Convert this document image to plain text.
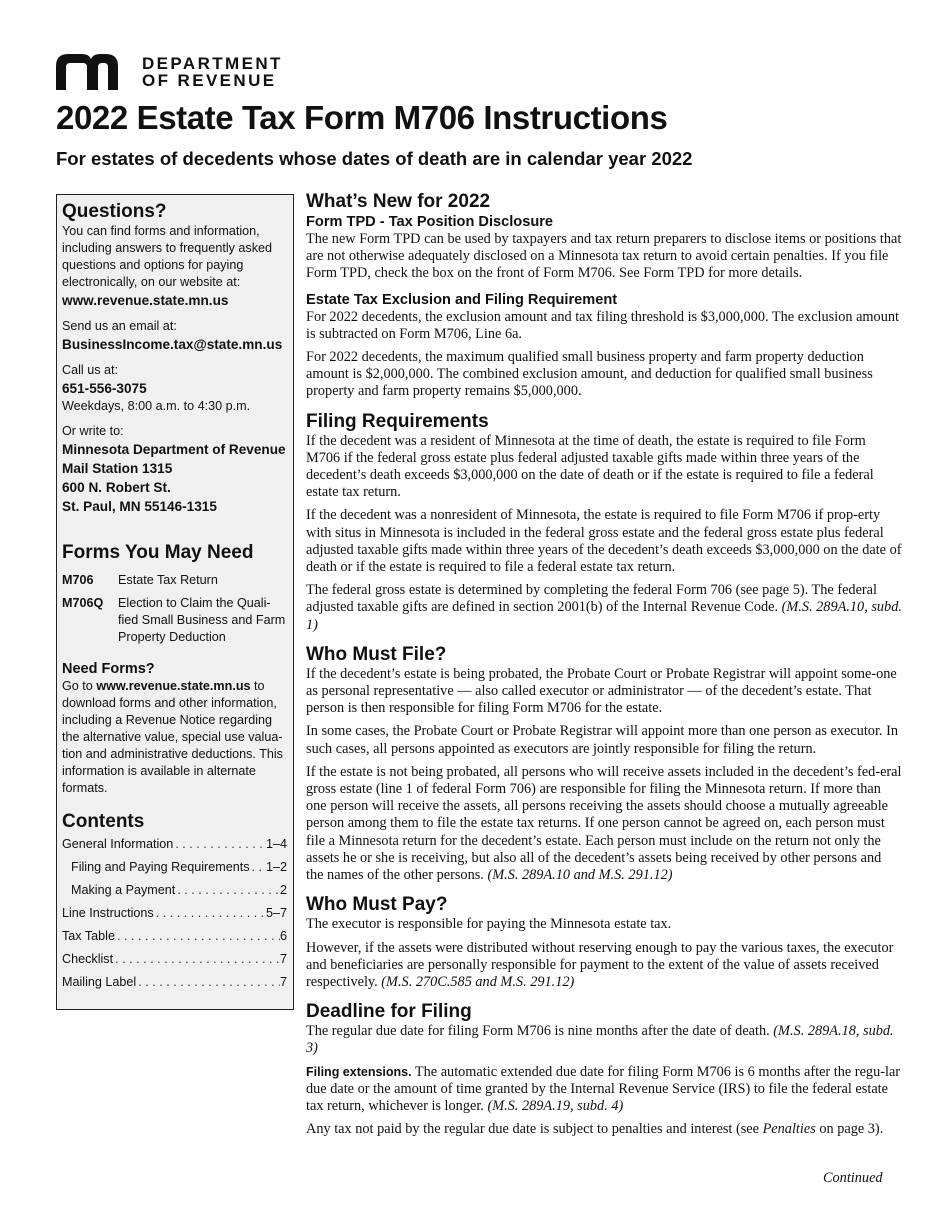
DEPARTMENT
OF REVENUE
2022 Estate Tax Form M706 Instructions
For estates of decedents whose dates of death are in calendar year 2022

Questions?

You can find forms and information, including answers to frequently asked questions and options for paying electronically, on our website at:

www.revenue.state.mn.us

Send us an email at:

BusinessIncome.tax@state.mn.us

Call us at:

651-556-3075

Weekdays, 8:00 a.m. to 4:30 p.m.

Or write to:

Minnesota Department of Revenue

Mail Station 1315

600 N. Robert St.

St. Paul, MN 55146-1315

Forms You May Need

M706	Estate Tax Return
M706Q	Election to Claim the Quali-fied Small Business and Farm Property Deduction

Need Forms?

Go to www.revenue.state.mn.us to download forms and other information, including a Revenue Notice regarding the alternative value, special use valua-tion and administrative deductions. This information is available in alternate formats.

Contents

General Information . . .	1–4
Filing and Paying Requirements . . . 1–2
Making a Payment . . .	2
Line Instructions . . .	5–7
Tax Table . . .	6
Checklist . . .	7
Mailing Label . . .	7

What’s New for 2022

Form TPD - Tax Position Disclosure

The new Form TPD can be used by taxpayers and tax return preparers to disclose items or positions that are not otherwise adequately disclosed on a Minnesota tax return to avoid certain penalties. If you file Form TPD, check the box on the front of Form M706. See Form TPD for more details.

Estate Tax Exclusion and Filing Requirement

For 2022 decedents, the exclusion amount and tax filing threshold is $3,000,000. The exclusion amount is subtracted on Form M706, Line 6a.

For 2022 decedents, the maximum qualified small business property and farm property deduction amount is $2,000,000. The combined exclusion amount, and deduction for qualified small business property and farm property remains $5,000,000.

Filing Requirements

If the decedent was a resident of Minnesota at the time of death, the estate is required to file Form M706 if the federal gross estate plus federal adjusted taxable gifts made within three years of the decedent’s death exceeds $3,000,000 on the date of death or if the estate is required to file a federal estate tax return.

If the decedent was a nonresident of Minnesota, the estate is required to file Form M706 if prop-erty with situs in Minnesota is included in the federal gross estate and the federal gross estate plus federal adjusted taxable gifts made within three years of the decedent’s death exceeds $3,000,000 on the date of death or if the estate is required to file a federal estate tax return.

The federal gross estate is determined by completing the federal Form 706 (see page 5). The federal adjusted taxable gifts are defined in section 2001(b) of the Internal Revenue Code. (M.S. 289A.10, subd. 1)

Who Must File?

If the decedent’s estate is being probated, the Probate Court or Probate Registrar will appoint some-one as personal representative — also called executor or administrator — of the decedent’s estate. That person is then responsible for filing Form M706 for the estate.

In some cases, the Probate Court or Probate Registrar will appoint more than one person as executor. In such cases, all persons appointed as executors are jointly responsible for filing the return.

If the estate is not being probated, all persons who will receive assets included in the decedent’s fed-eral gross estate (line 1 of federal Form 706) are responsible for filing the Minnesota return. If more than one person will receive the assets, all persons receiving the assets should choose a mutually agreeable person among them to file the estate tax returns. If one person cannot be agreed on, each person must file a Minnesota return for the decedent’s estate. Each person must include on the return not only the assets he or she is receiving, but also all of the decedent’s assets being received by other persons and the names of the other persons. (M.S. 289A.10 and M.S. 291.12)

Who Must Pay?

The executor is responsible for paying the Minnesota estate tax.

However, if the assets were distributed without reserving enough to pay the various taxes, the executor and beneficiaries are personally responsible for payment to the extent of the value of assets received respectively. (M.S. 270C.585 and M.S. 291.12)

Deadline for Filing

The regular due date for filing Form M706 is nine months after the date of death. (M.S. 289A.18, subd. 3)

Filing extensions. The automatic extended due date for filing Form M706 is 6 months after the regu-lar due date or the amount of time granted by the Internal Revenue Service (IRS) to file the federal estate tax return, whichever is longer. (M.S. 289A.19, subd. 4)

Any tax not paid by the regular due date is subject to penalties and interest (see Penalties on page 3).

Continued
